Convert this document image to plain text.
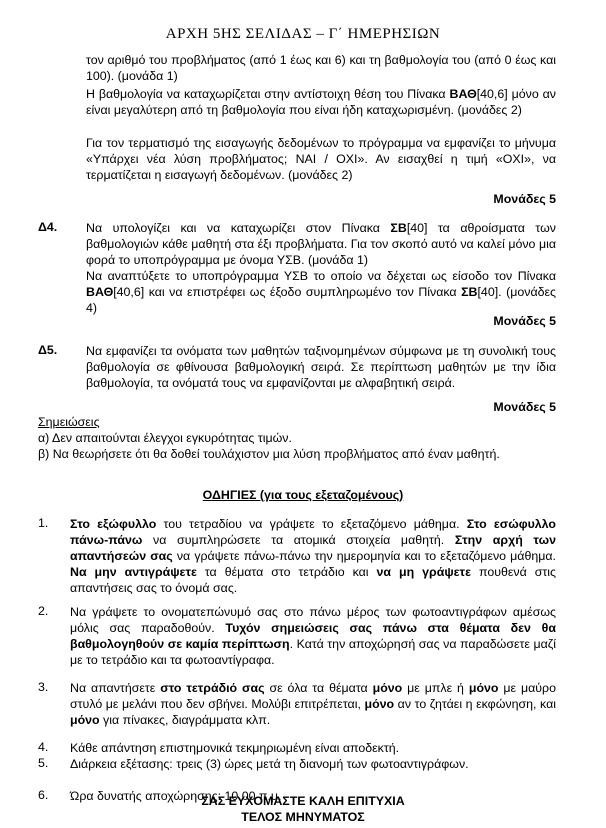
ΑΡΧΗ 5ΗΣ ΣΕΛΙΔΑΣ – Γ΄ ΗΜΕΡΗΣΙΩΝ
τον αριθμό του προβλήματος (από 1 έως και 6) και τη βαθμολογία του (από 0 έως και 100). (μονάδα 1)
Η βαθμολογία να καταχωρίζεται στην αντίστοιχη θέση του Πίνακα ΒΑΘ[40,6] μόνο αν είναι μεγαλύτερη από τη βαθμολογία που είναι ήδη καταχωρισμένη. (μονάδες 2)
Για τον τερματισμό της εισαγωγής δεδομένων το πρόγραμμα να εμφανίζει το μήνυμα «Υπάρχει νέα λύση προβλήματος; ΝΑΙ / ΟΧΙ». Αν εισαχθεί η τιμή «ΟΧΙ», να τερματίζεται η εισαγωγή δεδομένων. (μονάδες 2)
Μονάδες 5
Δ4. Να υπολογίζει και να καταχωρίζει στον Πίνακα ΣΒ[40] τα αθροίσματα των βαθμολογιών κάθε μαθητή στα έξι προβλήματα. Για τον σκοπό αυτό να καλεί μόνο μια φορά το υποπρόγραμμα με όνομα ΥΣΒ. (μονάδα 1)
Να αναπτύξετε το υποπρόγραμμα ΥΣΒ το οποίο να δέχεται ως είσοδο τον Πίνακα ΒΑΘ[40,6] και να επιστρέφει ως έξοδο συμπληρωμένο τον Πίνακα ΣΒ[40]. (μονάδες 4)
Μονάδες 5
Δ5. Να εμφανίζει τα ονόματα των μαθητών ταξινομημένων σύμφωνα με τη συνολική τους βαθμολογία σε φθίνουσα βαθμολογική σειρά. Σε περίπτωση μαθητών με την ίδια βαθμολογία, τα ονόματά τους να εμφανίζονται με αλφαβητική σειρά.
Μονάδες 5
Σημειώσεις
α) Δεν απαιτούνται έλεγχοι εγκυρότητας τιμών.
β) Να θεωρήσετε ότι θα δοθεί τουλάχιστον μια λύση προβλήματος από έναν μαθητή.
ΟΔΗΓΙΕΣ (για τους εξεταζομένους)
1. Στο εξώφυλλο του τετραδίου να γράψετε το εξεταζόμενο μάθημα. Στο εσώφυλλο πάνω-πάνω να συμπληρώσετε τα ατομικά στοιχεία μαθητή. Στην αρχή των απαντήσεών σας να γράψετε πάνω-πάνω την ημερομηνία και το εξεταζόμενο μάθημα. Να μην αντιγράψετε τα θέματα στο τετράδιο και να μη γράψετε πουθενά στις απαντήσεις σας το όνομά σας.
2. Να γράψετε το ονοματεπώνυμό σας στο πάνω μέρος των φωτοαντιγράφων αμέσως μόλις σας παραδοθούν. Τυχόν σημειώσεις σας πάνω στα θέματα δεν θα βαθμολογηθούν σε καμία περίπτωση. Κατά την αποχώρησή σας να παραδώσετε μαζί με το τετράδιο και τα φωτοαντίγραφα.
3. Να απαντήσετε στο τετράδιό σας σε όλα τα θέματα μόνο με μπλε ή μόνο με μαύρο στυλό με μελάνι που δεν σβήνει. Μολύβι επιτρέπεται, μόνο αν το ζητάει η εκφώνηση, και μόνο για πίνακες, διαγράμματα κλπ.
4. Κάθε απάντηση επιστημονικά τεκμηριωμένη είναι αποδεκτή.
5. Διάρκεια εξέτασης: τρεις (3) ώρες μετά τη διανομή των φωτοαντιγράφων.
6. Ώρα δυνατής αποχώρησης: 10.00 π.μ.
ΣΑΣ ΕΥΧΟΜΑΣΤΕ ΚΑΛΗ ΕΠΙΤΥΧΙΑ
ΤΕΛΟΣ ΜΗΝΥΜΑΤΟΣ
